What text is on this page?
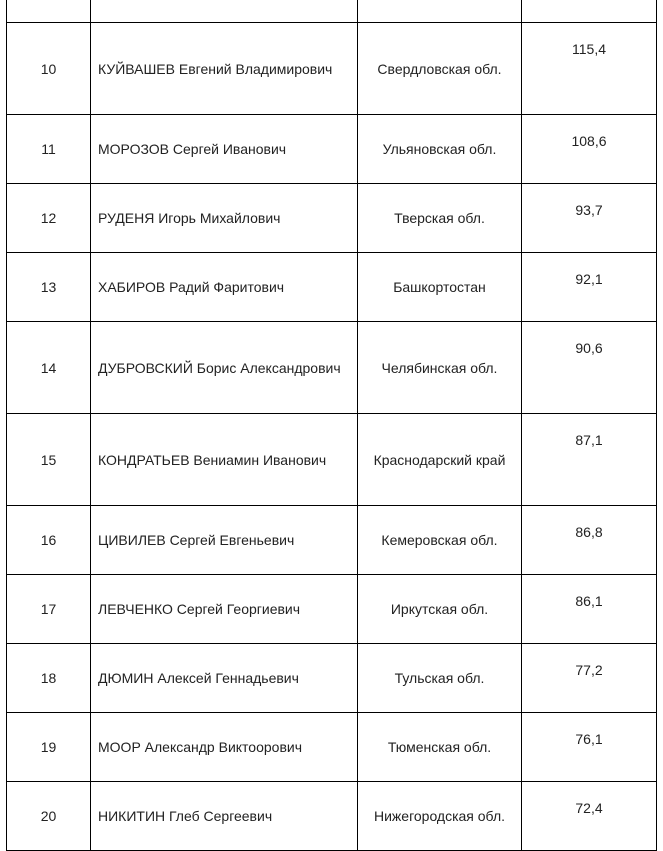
10	КУЙВАШЕВ Евгений Владимирович	Свердловская обл.	115,4
11	МОРОЗОВ Сергей Иванович	Ульяновская обл.	108,6
12	РУДЕНЯ Игорь Михайлович	Тверская обл.	93,7
13	ХАБИРОВ Радий Фаритович	Башкортостан	92,1
14	ДУБРОВСКИЙ Борис Александрович	Челябинская обл.	90,6
15	КОНДРАТЬЕВ Вениамин Иванович	Краснодарский край	87,1
16	ЦИВИЛЕВ Сергей Евгеньевич	Кемеровская обл.	86,8
17	ЛЕВЧЕНКО Сергей Георгиевич	Иркутская обл.	86,1
18	ДЮМИН Алексей Геннадьевич	Тульская обл.	77,2
19	МООР Александр Виктоорович	Тюменская обл.	76,1
20	НИКИТИН Глеб Сергеевич	Нижегородская обл.	72,4
